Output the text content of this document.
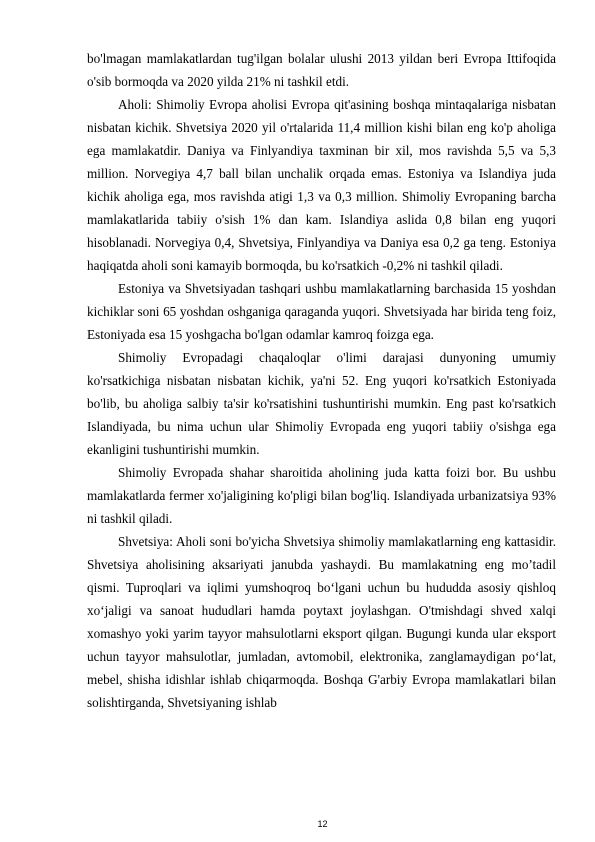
bo'lmagan mamlakatlardan tug'ilgan bolalar ulushi 2013 yildan beri Evropa Ittifoqida o'sib bormoqda va 2020 yilda 21% ni tashkil etdi.

Aholi: Shimoliy Evropa aholisi Evropa qit'asining boshqa mintaqalariga nisbatan nisbatan kichik. Shvetsiya 2020 yil o'rtalarida 11,4 million kishi bilan eng ko'p aholiga ega mamlakatdir. Daniya va Finlyandiya taxminan bir xil, mos ravishda 5,5 va 5,3 million. Norvegiya 4,7 ball bilan unchalik orqada emas. Estoniya va Islandiya juda kichik aholiga ega, mos ravishda atigi 1,3 va 0,3 million. Shimoliy Evropaning barcha mamlakatlarida tabiiy o'sish 1% dan kam. Islandiya aslida 0,8 bilan eng yuqori hisoblanadi. Norvegiya 0,4, Shvetsiya, Finlyandiya va Daniya esa 0,2 ga teng. Estoniya haqiqatda aholi soni kamayib bormoqda, bu ko'rsatkich -0,2% ni tashkil qiladi.

Estoniya va Shvetsiyadan tashqari ushbu mamlakatlarning barchasida 15 yoshdan kichiklar soni 65 yoshdan oshganiga qaraganda yuqori. Shvetsiyada har birida teng foiz, Estoniyada esa 15 yoshgacha bo'lgan odamlar kamroq foizga ega.

Shimoliy Evropadagi chaqaloqlar o'limi darajasi dunyoning umumiy ko'rsatkichiga nisbatan nisbatan kichik, ya'ni 52. Eng yuqori ko'rsatkich Estoniyada bo'lib, bu aholiga salbiy ta'sir ko'rsatishini tushuntirishi mumkin. Eng past ko'rsatkich Islandiyada, bu nima uchun ular Shimoliy Evropada eng yuqori tabiiy o'sishga ega ekanligini tushuntirishi mumkin.

Shimoliy Evropada shahar sharoitida aholining juda katta foizi bor. Bu ushbu mamlakatlarda fermer xo'jaligining ko'pligi bilan bog'liq. Islandiyada urbanizatsiya 93% ni tashkil qiladi.

Shvetsiya: Aholi soni bo'yicha Shvetsiya shimoliy mamlakatlarning eng kattasidir. Shvetsiya aholisining aksariyati janubda yashaydi. Bu mamlakatning eng mo’tadil qismi. Tuproqlari va iqlimi yumshoqroq bo‘lgani uchun bu hududda asosiy qishloq xo‘jaligi va sanoat hududlari hamda poytaxt joylashgan. O'tmishdagi shved xalqi xomashyo yoki yarim tayyor mahsulotlarni eksport qilgan. Bugungi kunda ular eksport uchun tayyor mahsulotlar, jumladan, avtomobil, elektronika, zanglamaydigan po‘lat, mebel, shisha idishlar ishlab chiqarmoqda. Boshqa G'arbiy Evropa mamlakatlari bilan solishtirganda, Shvetsiyaning ishlab

12
